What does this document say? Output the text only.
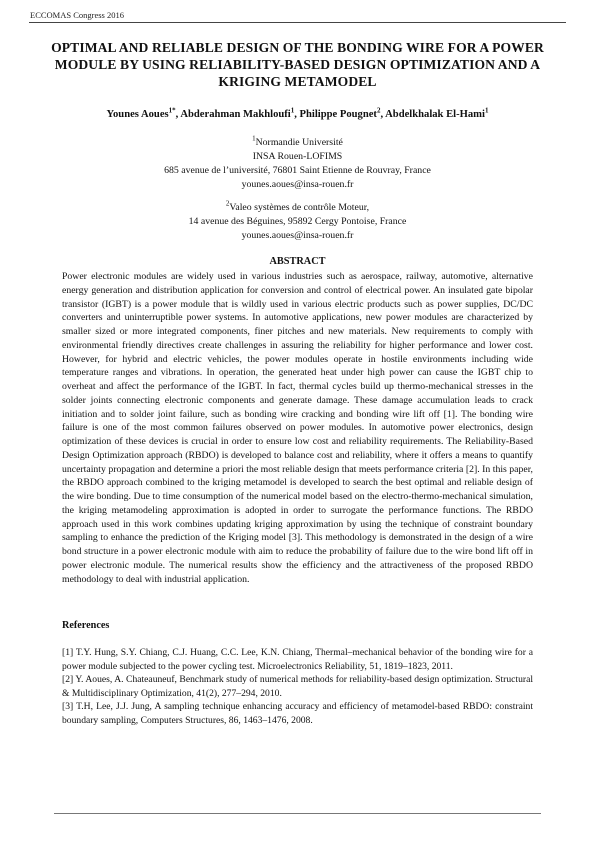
ECCOMAS Congress 2016
OPTIMAL AND RELIABLE DESIGN OF THE BONDING WIRE FOR A POWER MODULE BY USING RELIABILITY-BASED DESIGN OPTIMIZATION AND A KRIGING METAMODEL
Younes Aoues$^{1*}$, Abderahman Makhloufi$^1$, Philippe Pougnet$^2$, Abdelkhalak El-Hami$^1$
$^1$Normandie Université
INSA Rouen-LOFIMS
685 avenue de l’université, 76801 Saint Etienne de Rouvray, France
younes.aoues@insa-rouen.fr
$^2$Valeo systèmes de contrôle Moteur,
14 avenue des Béguines, 95892 Cergy Pontoise, France
younes.aoues@insa-rouen.fr
ABSTRACT

Power electronic modules are widely used in various industries such as aerospace, railway, automotive, alternative energy generation and distribution application for conversion and control of electrical power. An insulated gate bipolar transistor (IGBT) is a power module that is wildly used in various electric products such as power supplies, DC/DC converters and uninterruptible power systems. In automotive applications, new power modules are characterized by smaller sized or more integrated components, finer pitches and new materials. New requirements to comply with environmental friendly directives create challenges in assuring the reliability for higher performance and lower cost. However, for hybrid and electric vehicles, the power modules operate in hostile environments including wide temperature ranges and vibrations. In operation, the generated heat under high power can cause the IGBT chip to overheat and affect the performance of the IGBT. In fact, thermal cycles build up thermo-mechanical stresses in the solder joints connecting electronic components and generate damage. These damage accumulation leads to crack initiation and to solder joint failure, such as bonding wire cracking and bonding wire lift off [1]. The bonding wire failure is one of the most common failures observed on power modules. In automotive power electronics, design optimization of these devices is crucial in order to ensure low cost and reliability requirements. The Reliability-Based Design Optimization approach (RBDO) is developed to balance cost and reliability, where it offers a means to quantify uncertainty propagation and determine a priori the most reliable design that meets performance criteria [2]. In this paper, the RBDO approach combined to the kriging metamodel is developed to search the best optimal and reliable design of the wire bonding. Due to time consumption of the numerical model based on the electro-thermo-mechanical simulation, the kriging metamodeling approximation is adopted in order to surrogate the performance functions. The RBDO approach used in this work combines updating kriging approximation by using the technique of constraint boundary sampling to enhance the prediction of the Kriging model [3]. This methodology is demonstrated in the design of a wire bond structure in a power electronic module with aim to reduce the probability of failure due to the wire bond lift off in power electronic module. The numerical results show the efficiency and the attractiveness of the proposed RBDO methodology to deal with industrial application.

References

[1] T.Y. Hung, S.Y. Chiang, C.J. Huang, C.C. Lee, K.N. Chiang, Thermal–mechanical behavior of the bonding wire for a power module subjected to the power cycling test. Microelectronics Reliability, 51, 1819–1823, 2011.

[2] Y. Aoues, A. Chateauneuf, Benchmark study of numerical methods for reliability-based design optimization. Structural & Multidisciplinary Optimization, 41(2), 277–294, 2010.

[3] T.H, Lee, J.J. Jung, A sampling technique enhancing accuracy and efficiency of metamodel-based RBDO: constraint boundary sampling, Computers Structures, 86, 1463–1476, 2008.
